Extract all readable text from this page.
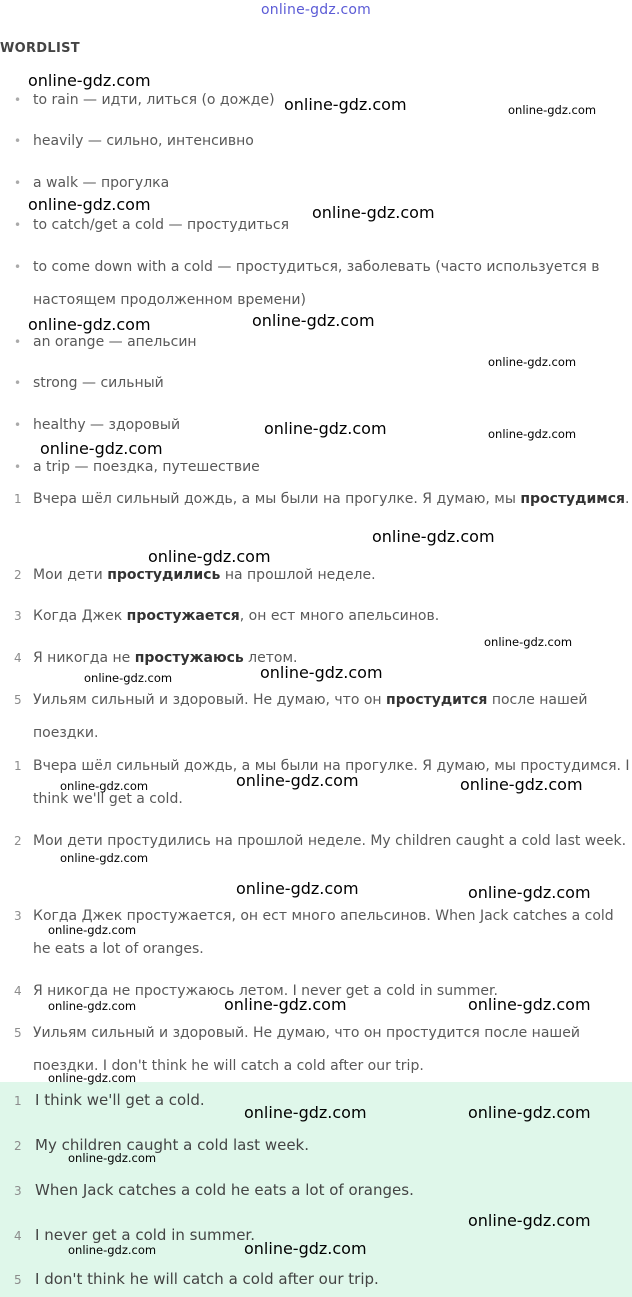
online-gdz.com
WORDLIST
• to rain — идти, литься (о дожде)
• heavily — сильно, интенсивно
• a walk — прогулка
• to catch/get a cold — простудиться
• to come down with a cold — простудиться, заболевать (часто используется в настоящем продолженном времени)
• an orange — апельсин
• strong — сильный
• healthy — здоровый
• a trip — поездка, путешествие
1 Вчера шёл сильный дождь, а мы были на прогулке. Я думаю, мы простудимся.
2 Мои дети простудились на прошлой неделе.
3 Когда Джек простужается, он ест много апельсинов.
4 Я никогда не простужаюсь летом.
5 Уильям сильный и здоровый. Не думаю, что он простудится после нашей поездки.
1 Вчера шёл сильный дождь, а мы были на прогулке. Я думаю, мы простудимся. I think we'll get a cold.
2 Мои дети простудились на прошлой неделе. My children caught a cold last week.
3 Когда Джек простужается, он ест много апельсинов. When Jack catches a cold he eats a lot of oranges.
4 Я никогда не простужаюсь летом. I never get a cold in summer.
5 Уильям сильный и здоровый. Не думаю, что он простудится после нашей поездки. I don't think he will catch a cold after our trip.
1 I think we'll get a cold.
2 My children caught a cold last week.
3 When Jack catches a cold he eats a lot of oranges.
4 I never get a cold in summer.
5 I don't think he will catch a cold after our trip.
online-gdz.com
online-gdz.com	online-gdz.com
online-gdz.com	online-gdz.com
online-gdz.com
online-gdz.com
online-gdz.com
online-gdz.com	online-gdz.com
online-gdz.com
online-gdz.com
online-gdz.com
online-gdz.com
online-gdz.com
online-gdz.com
online-gdz.com	online-gdz.com
online-gdz.com
online-gdz.com
online-gdz.com	online-gdz.com
online-gdz.com
online-gdz.com	online-gdz.com
online-gdz.com
online-gdz.com
online-gdz.com	online-gdz.com
online-gdz.com
online-gdz.com
online-gdz.com	online-gdz.com
